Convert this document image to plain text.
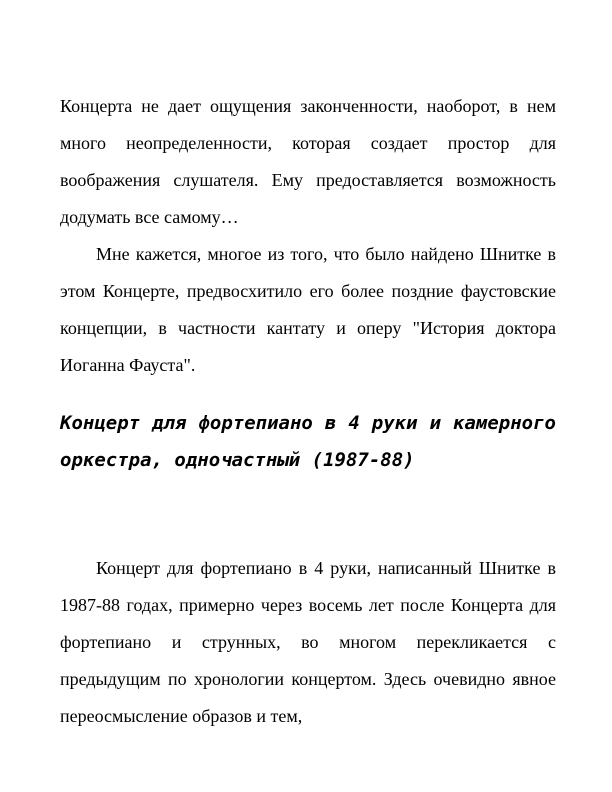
Концерта не дает ощущения законченности, наоборот, в нем много неопределенности, которая создает простор для воображения слушателя. Ему предоставляется возможность додумать все самому…

Мне кажется, многое из того, что было найдено Шнитке в этом Концерте, предвосхитило его более поздние фаустовские концепции, в частности кантату и оперу "История доктора Иоганна Фауста".

Концерт для фортепиано в 4 руки и камерного оркестра, одночастный (1987-88)

Концерт для фортепиано в 4 руки, написанный Шнитке в 1987-88 годах, примерно через восемь лет после Концерта для фортепиано и струнных, во многом перекликается с предыдущим по хронологии концертом. Здесь очевидно явное переосмысление образов и тем,
